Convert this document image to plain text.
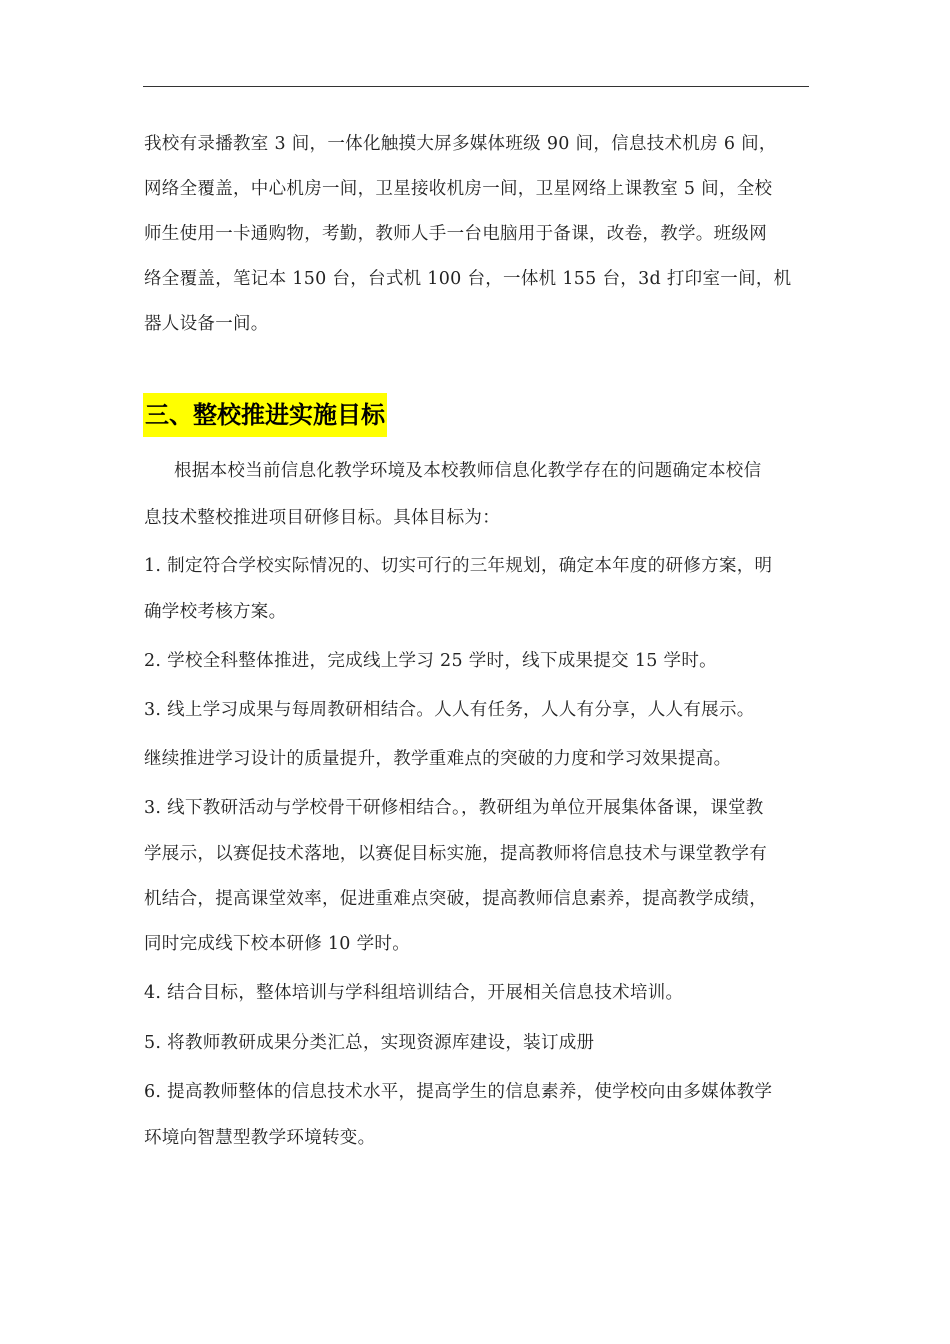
我校有录播教室 3 间，一体化触摸大屏多媒体班级 90 间，信息技术机房 6 间，
网络全覆盖，中心机房一间，卫星接收机房一间，卫星网络上课教室 5 间，全校
师生使用一卡通购物，考勤，教师人手一台电脑用于备课，改卷，教学。班级网
络全覆盖，笔记本 150 台，台式机 100 台，一体机 155 台，3d 打印室一间，机
器人设备一间。
三、整校推进实施目标
根据本校当前信息化教学环境及本校教师信息化教学存在的问题确定本校信
息技术整校推进项目研修目标。具体目标为：
1. 制定符合学校实际情况的、切实可行的三年规划，确定本年度的研修方案，明
确学校考核方案。
2. 学校全科整体推进，完成线上学习 25 学时，线下成果提交 15 学时。
3. 线上学习成果与每周教研相结合。人人有任务，人人有分享，人人有展示。
继续推进学习设计的质量提升，教学重难点的突破的力度和学习效果提高。
3. 线下教研活动与学校骨干研修相结合。，教研组为单位开展集体备课，课堂教
学展示，以赛促技术落地，以赛促目标实施，提高教师将信息技术与课堂教学有
机结合，提高课堂效率，促进重难点突破，提高教师信息素养，提高教学成绩，
同时完成线下校本研修 10 学时。
4. 结合目标，整体培训与学科组培训结合，开展相关信息技术培训。
5. 将教师教研成果分类汇总，实现资源库建设，装订成册
6. 提高教师整体的信息技术水平，提高学生的信息素养，使学校向由多媒体教学
环境向智慧型教学环境转变。
